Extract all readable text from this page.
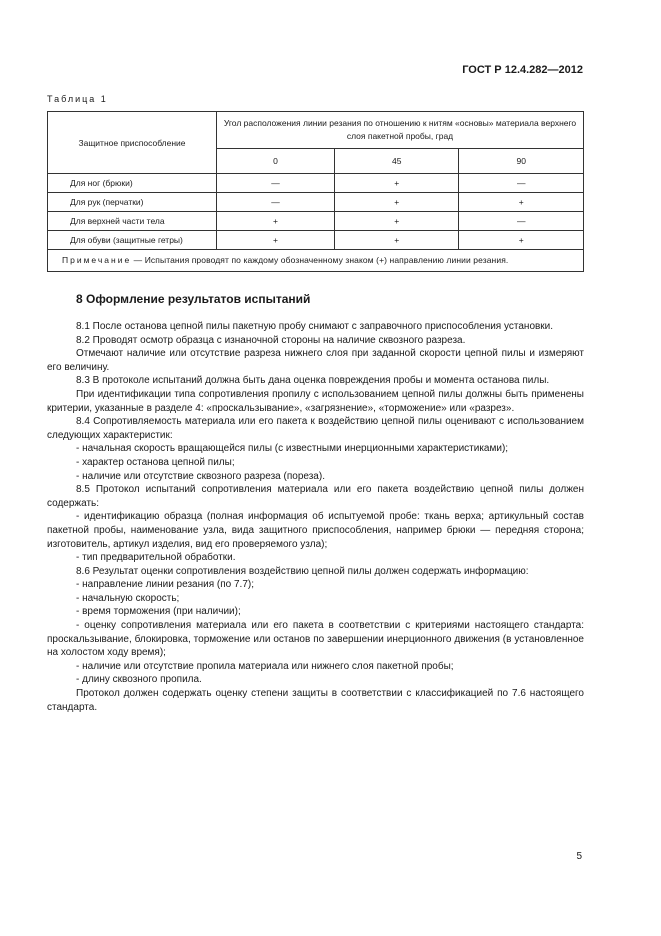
ГОСТ Р 12.4.282—2012
Таблица 1
Защитное приспособление	Угол расположения линии резания по отношению к нитям «основы» материала верхнего слоя пакетной пробы, град		
	0	45	90
Для ног (брюки)	—	+	—
Для рук (перчатки)	—	+	+
Для верхней части тела	+	+	—
Для обуви (защитные гетры)	+	+	+
Примечание — Испытания проводят по каждому обозначенному знаком (+) направлению линии резания.			
8 Оформление результатов испытаний

8.1 После останова цепной пилы пакетную пробу снимают с заправочного приспособления установки.

8.2 Проводят осмотр образца с изнаночной стороны на наличие сквозного разреза.

Отмечают наличие или отсутствие разреза нижнего слоя при заданной скорости цепной пилы и измеряют его величину.

8.3 В протоколе испытаний должна быть дана оценка повреждения пробы и момента останова пилы.

При идентификации типа сопротивления пропилу с использованием цепной пилы должны быть применены критерии, указанные в разделе 4: «проскальзывание», «загрязнение», «торможение» или «разрез».

8.4 Сопротивляемость материала или его пакета к воздействию цепной пилы оценивают с использованием следующих характеристик:

- начальная скорость вращающейся пилы (с известными инерционными характеристиками);

- характер останова цепной пилы;

- наличие или отсутствие сквозного разреза (пореза).

8.5 Протокол испытаний сопротивления материала или его пакета воздействию цепной пилы должен содержать:

- идентификацию образца (полная информация об испытуемой пробе: ткань верха; артикульный состав пакетной пробы, наименование узла, вида защитного приспособления, например брюки — передняя сторона; изготовитель, артикул изделия, вид его проверяемого узла);

- тип предварительной обработки.

8.6 Результат оценки сопротивления воздействию цепной пилы должен содержать информацию:

- направление линии резания (по 7.7);

- начальную скорость;

- время торможения (при наличии);

- оценку сопротивления материала или его пакета в соответствии с критериями настоящего стандарта: проскальзывание, блокировка, торможение или останов по завершении инерционного движения (в установленное на холостом ходу время);

- наличие или отсутствие пропила материала или нижнего слоя пакетной пробы;

- длину сквозного пропила.

Протокол должен содержать оценку степени защиты в соответствии с классификацией по 7.6 настоящего стандарта.

5
